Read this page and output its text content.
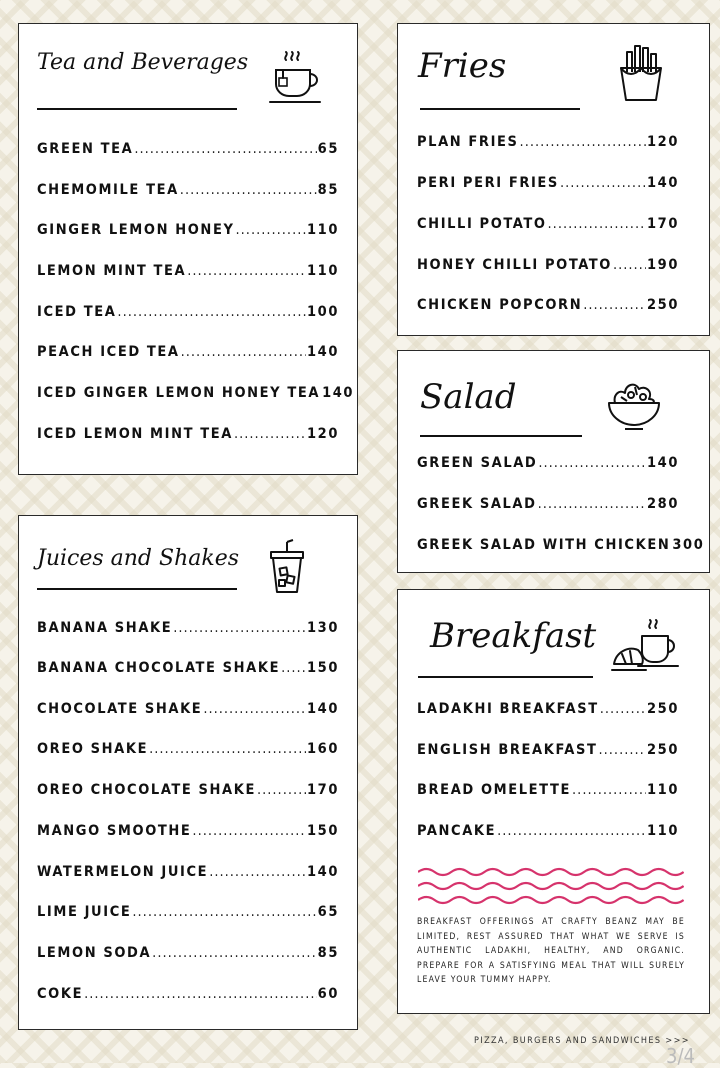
Tea and Beverages
GREEN TEA .....	65
CHEMOMILE TEA .....	85
GINGER LEMON HONEY .....	110
LEMON MINT TEA .....	110
ICED TEA .....	100
PEACH ICED TEA .....	140
ICED GINGER LEMON HONEY TEA 140
ICED LEMON MINT TEA .....	120
Juices and Shakes
BANANA SHAKE .....	130
BANANA CHOCOLATE SHAKE ..... 150
CHOCOLATE SHAKE .....	140
OREO SHAKE .....	160
OREO CHOCOLATE SHAKE .....	170
MANGO SMOOTHE .....	150
WATERMELON JUICE .....	140
LIME JUICE .....	65
LEMON SODA .....	85
COKE .....	60
Fries
PLAN FRIES .....	120
PERI PERI FRIES .....	140
CHILLI POTATO .....	170
HONEY CHILLI POTATO ..... 190
CHICKEN POPCORN .....	250
Salad
GREEN SALAD .....	140
GREEK SALAD .....	280
GREEK SALAD WITH CHICKEN 300
Breakfast
LADAKHI BREAKFAST .....	250
ENGLISH BREAKFAST .....	250
BREAD OMELETTE .....	110
PANCAKE .....	110
BREAKFAST OFFERINGS AT CRAFTY BEANZ MAY BE LIMITED, REST ASSURED THAT WHAT WE SERVE IS AUTHENTIC LADAKHI, HEALTHY, AND ORGANIC. PREPARE FOR A SATISFYING MEAL THAT WILL SURELY LEAVE YOUR TUMMY HAPPY.
PIZZA, BURGERS AND SANDWICHES >>>
3/4
